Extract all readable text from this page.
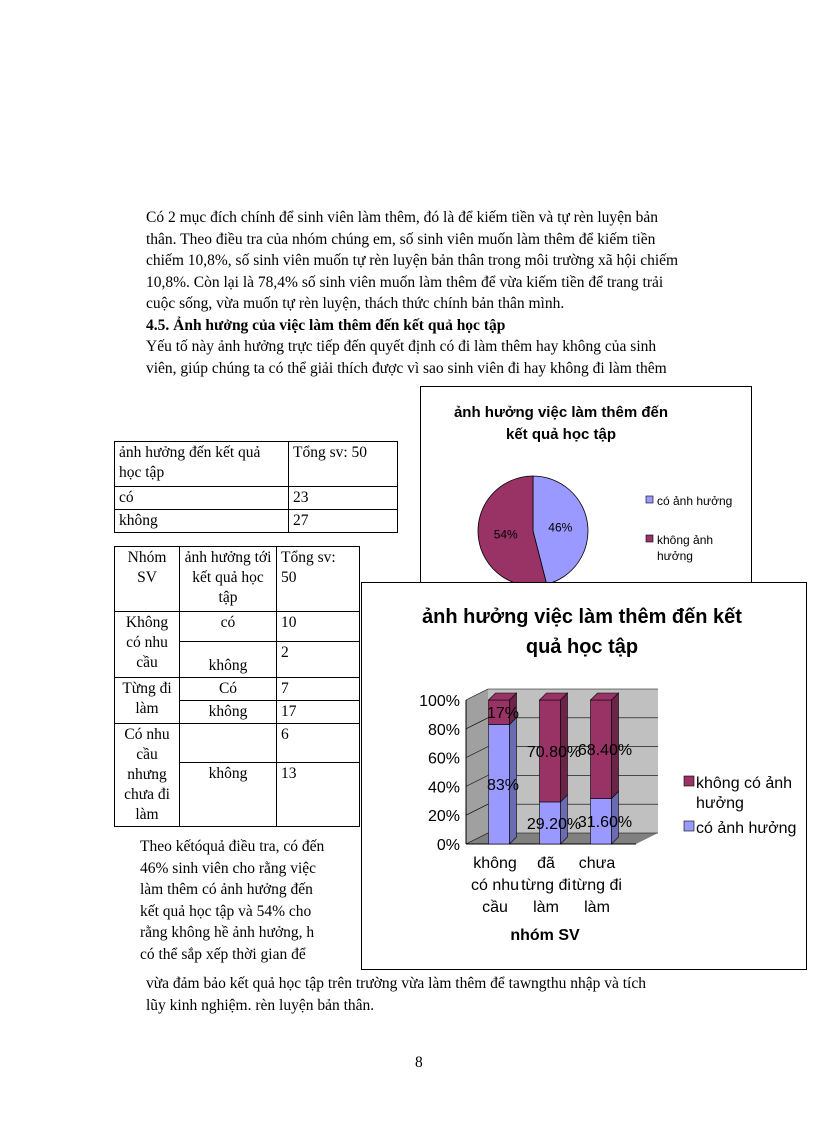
Có 2 mục đích chính để sinh viên làm thêm, đó là để kiếm tiền và tự rèn luyện bản
thân. Theo điều tra của nhóm chúng em, số sinh viên muốn làm thêm để kiếm tiền
chiếm 10,8%, số sinh viên muốn tự rèn luyện bản thân trong môi trường xã hội chiếm
10,8%. Còn lại là 78,4% số sinh viên muốn làm thêm để vừa kiếm tiền để trang trải
cuộc sống, vừa muốn tự rèn luyện, thách thức chính bản thân mình.
4.5. Ảnh hưởng của việc làm thêm đến kết quả học tập
Yếu tố này ảnh hưởng trực tiếp đến quyết định có đi làm thêm hay không của sinh
viên, giúp chúng ta có thể giải thích được vì sao sinh viên đi hay không đi làm thêm
ảnh hưởng đến kết quả học tập	Tổng sv: 50
có	23
không	27
Nhóm SV	ảnh hưởng tới kết quả học tập	Tổng sv: 50
Không có nhu cầu	có	10
	không	2
Từng đi làm	Có	7
	không	17
Có nhu cầu nhưng chưa đi làm		6
	không	13
Theo kếtóquả điều tra, có đến
46% sinh viên cho rằng việc
làm thêm có ảnh hưởng đến
kết quả học tập và 54% cho
rằng không hề ảnh hưởng, h
có thể sắp xếp thời gian để
vừa đảm bảo kết quả học tập trên trường vừa làm thêm để tawngthu nhập và tích
lũy kinh nghiệm. rèn luyện bản thân.
8
ảnh hưởng việc làm thêm đến
kết quả học tập
46%
54%
có ảnh hưởng
không ảnh hưởng
ảnh hưởng việc làm thêm đến kết
quả học tập
0%
20%
40%
60%
80%
100%
83%
17%
không
có nhu
cầu
29.20%
70.80%
đã
từng đi
làm
31.60%
68.40%
chưa
từng đi
làm
nhóm SV
không có ảnh
hưởng
có ảnh hưởng
